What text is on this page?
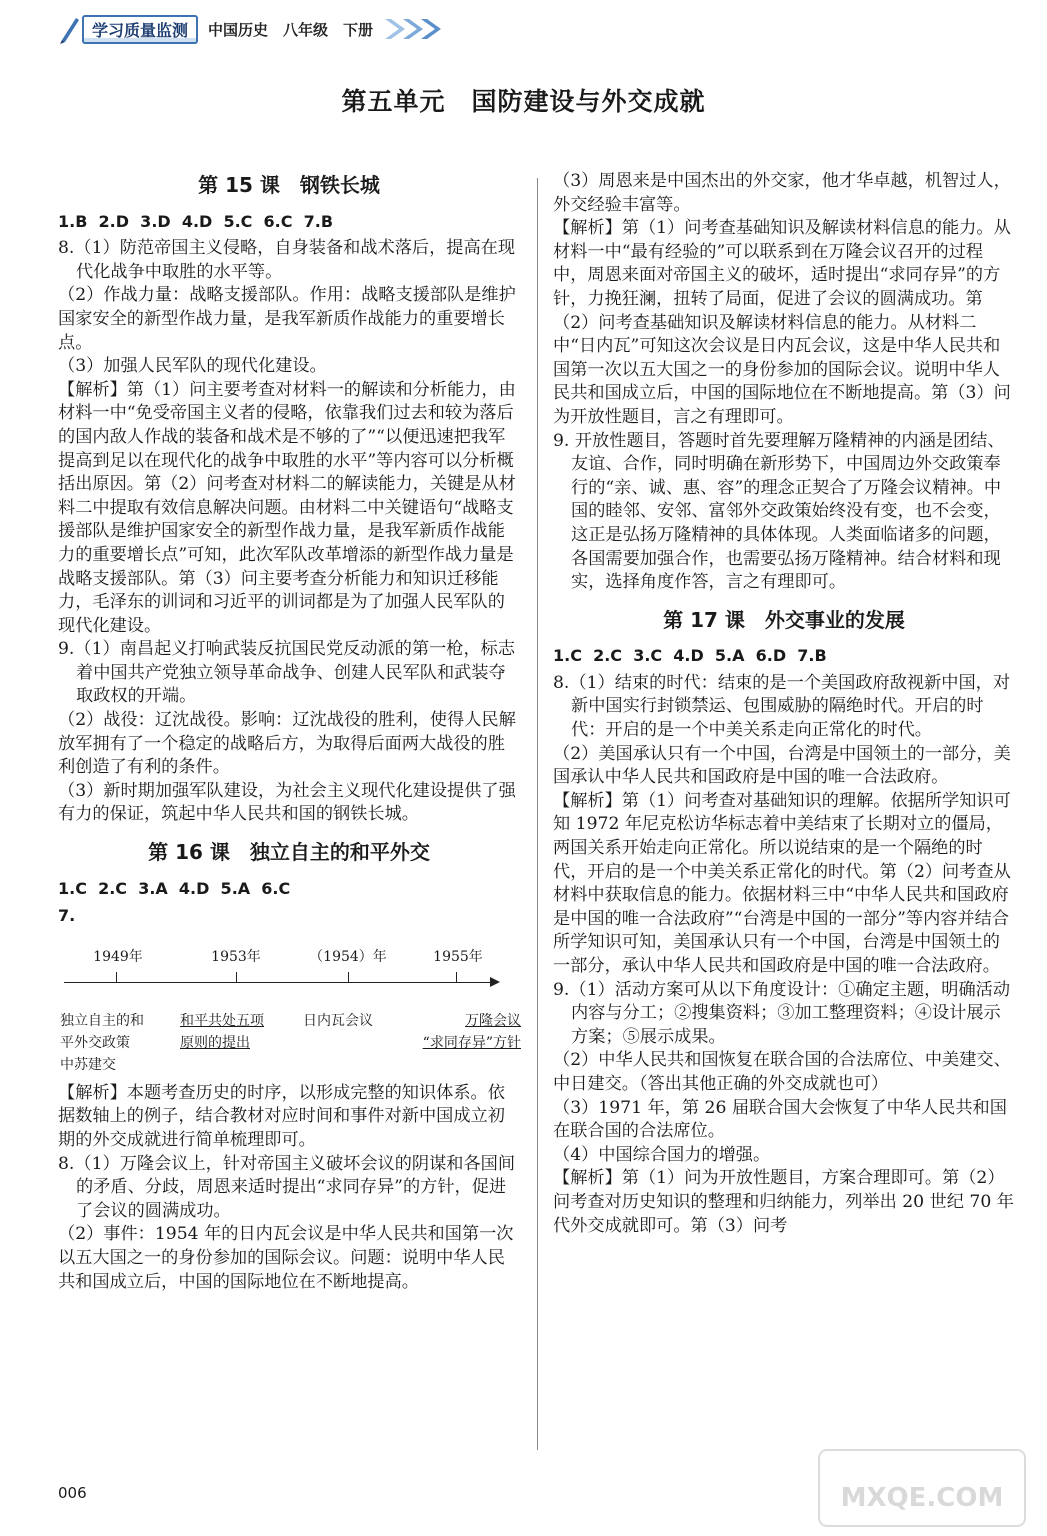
学习质量监测	中国历史　八年级　下册
第五单元　国防建设与外交成就
第 15 课　钢铁长城
1.B  2.D  3.D  4.D  5.C  6.C  7.B

8.（1）防范帝国主义侵略，自身装备和战术落后，提高在现代化战争中取胜的水平等。

（2）作战力量：战略支援部队。作用：战略支援部队是维护国家安全的新型作战力量，是我军新质作战能力的重要增长点。

（3）加强人民军队的现代化建设。

【解析】第（1）问主要考查对材料一的解读和分析能力，由材料一中“免受帝国主义者的侵略，依靠我们过去和较为落后的国内敌人作战的装备和战术是不够的了”“以便迅速把我军提高到足以在现代化的战争中取胜的水平”等内容可以分析概括出原因。第（2）问考查对材料二的解读能力，关键是从材料二中提取有效信息解决问题。由材料二中关键语句“战略支援部队是维护国家安全的新型作战力量，是我军新质作战能力的重要增长点”可知，此次军队改革增添的新型作战力量是战略支援部队。第（3）问主要考查分析能力和知识迁移能力，毛泽东的训词和习近平的训词都是为了加强人民军队的现代化建设。

9.（1）南昌起义打响武装反抗国民党反动派的第一枪，标志着中国共产党独立领导革命战争、创建人民军队和武装夺取政权的开端。

（2）战役：辽沈战役。影响：辽沈战役的胜利，使得人民解放军拥有了一个稳定的战略后方，为取得后面两大战役的胜利创造了有利的条件。

（3）新时期加强军队建设，为社会主义现代化建设提供了强有力的保证，筑起中华人民共和国的钢铁长城。

第 16 课　独立自主的和平外交
1.C  2.C  3.A  4.D  5.A  6.C
7.
1949年	1953年	（1954）年	1955年
独立自主的和
平外交政策
中苏建交
和平共处五项
原则的提出
日内瓦会议	万隆会议
“求同存异”方针

【解析】本题考查历史的时序，以形成完整的知识体系。依据数轴上的例子，结合教材对应时间和事件对新中国成立初期的外交成就进行简单梳理即可。

8.（1）万隆会议上，针对帝国主义破坏会议的阴谋和各国间的矛盾、分歧，周恩来适时提出“求同存异”的方针，促进了会议的圆满成功。

（2）事件：1954 年的日内瓦会议是中华人民共和国第一次以五大国之一的身份参加的国际会议。问题：说明中华人民共和国成立后，中国的国际地位在不断地提高。

（3）周恩来是中国杰出的外交家，他才华卓越，机智过人，外交经验丰富等。

【解析】第（1）问考查基础知识及解读材料信息的能力。从材料一中“最有经验的”可以联系到在万隆会议召开的过程中，周恩来面对帝国主义的破坏，适时提出“求同存异”的方针，力挽狂澜，扭转了局面，促进了会议的圆满成功。第（2）问考查基础知识及解读材料信息的能力。从材料二中“日内瓦”可知这次会议是日内瓦会议，这是中华人民共和国第一次以五大国之一的身份参加的国际会议。说明中华人民共和国成立后，中国的国际地位在不断地提高。第（3）问为开放性题目，言之有理即可。

9. 开放性题目，答题时首先要理解万隆精神的内涵是团结、友谊、合作，同时明确在新形势下，中国周边外交政策奉行的“亲、诚、惠、容”的理念正契合了万隆会议精神。中国的睦邻、安邻、富邻外交政策始终没有变，也不会变，这正是弘扬万隆精神的具体体现。人类面临诸多的问题，各国需要加强合作，也需要弘扬万隆精神。结合材料和现实，选择角度作答，言之有理即可。

第 17 课　外交事业的发展
1.C  2.C  3.C  4.D  5.A  6.D  7.B

8.（1）结束的时代：结束的是一个美国政府敌视新中国，对新中国实行封锁禁运、包围威胁的隔绝时代。开启的时代：开启的是一个中美关系走向正常化的时代。

（2）美国承认只有一个中国，台湾是中国领土的一部分，美国承认中华人民共和国政府是中国的唯一合法政府。

【解析】第（1）问考查对基础知识的理解。依据所学知识可知 1972 年尼克松访华标志着中美结束了长期对立的僵局，两国关系开始走向正常化。所以说结束的是一个隔绝的时代，开启的是一个中美关系正常化的时代。第（2）问考查从材料中获取信息的能力。依据材料三中“中华人民共和国政府是中国的唯一合法政府”“台湾是中国的一部分”等内容并结合所学知识可知，美国承认只有一个中国，台湾是中国领土的一部分，承认中华人民共和国政府是中国的唯一合法政府。

9.（1）活动方案可从以下角度设计：①确定主题，明确活动内容与分工；②搜集资料；③加工整理资料；④设计展示方案；⑤展示成果。

（2）中华人民共和国恢复在联合国的合法席位、中美建交、中日建交。（答出其他正确的外交成就也可）

（3）1971 年，第 26 届联合国大会恢复了中华人民共和国在联合国的合法席位。

（4）中国综合国力的增强。

【解析】第（1）问为开放性题目，方案合理即可。第（2）问考查对历史知识的整理和归纳能力，列举出 20 世纪 70 年代外交成就即可。第（3）问考

006	MXQE.COM
